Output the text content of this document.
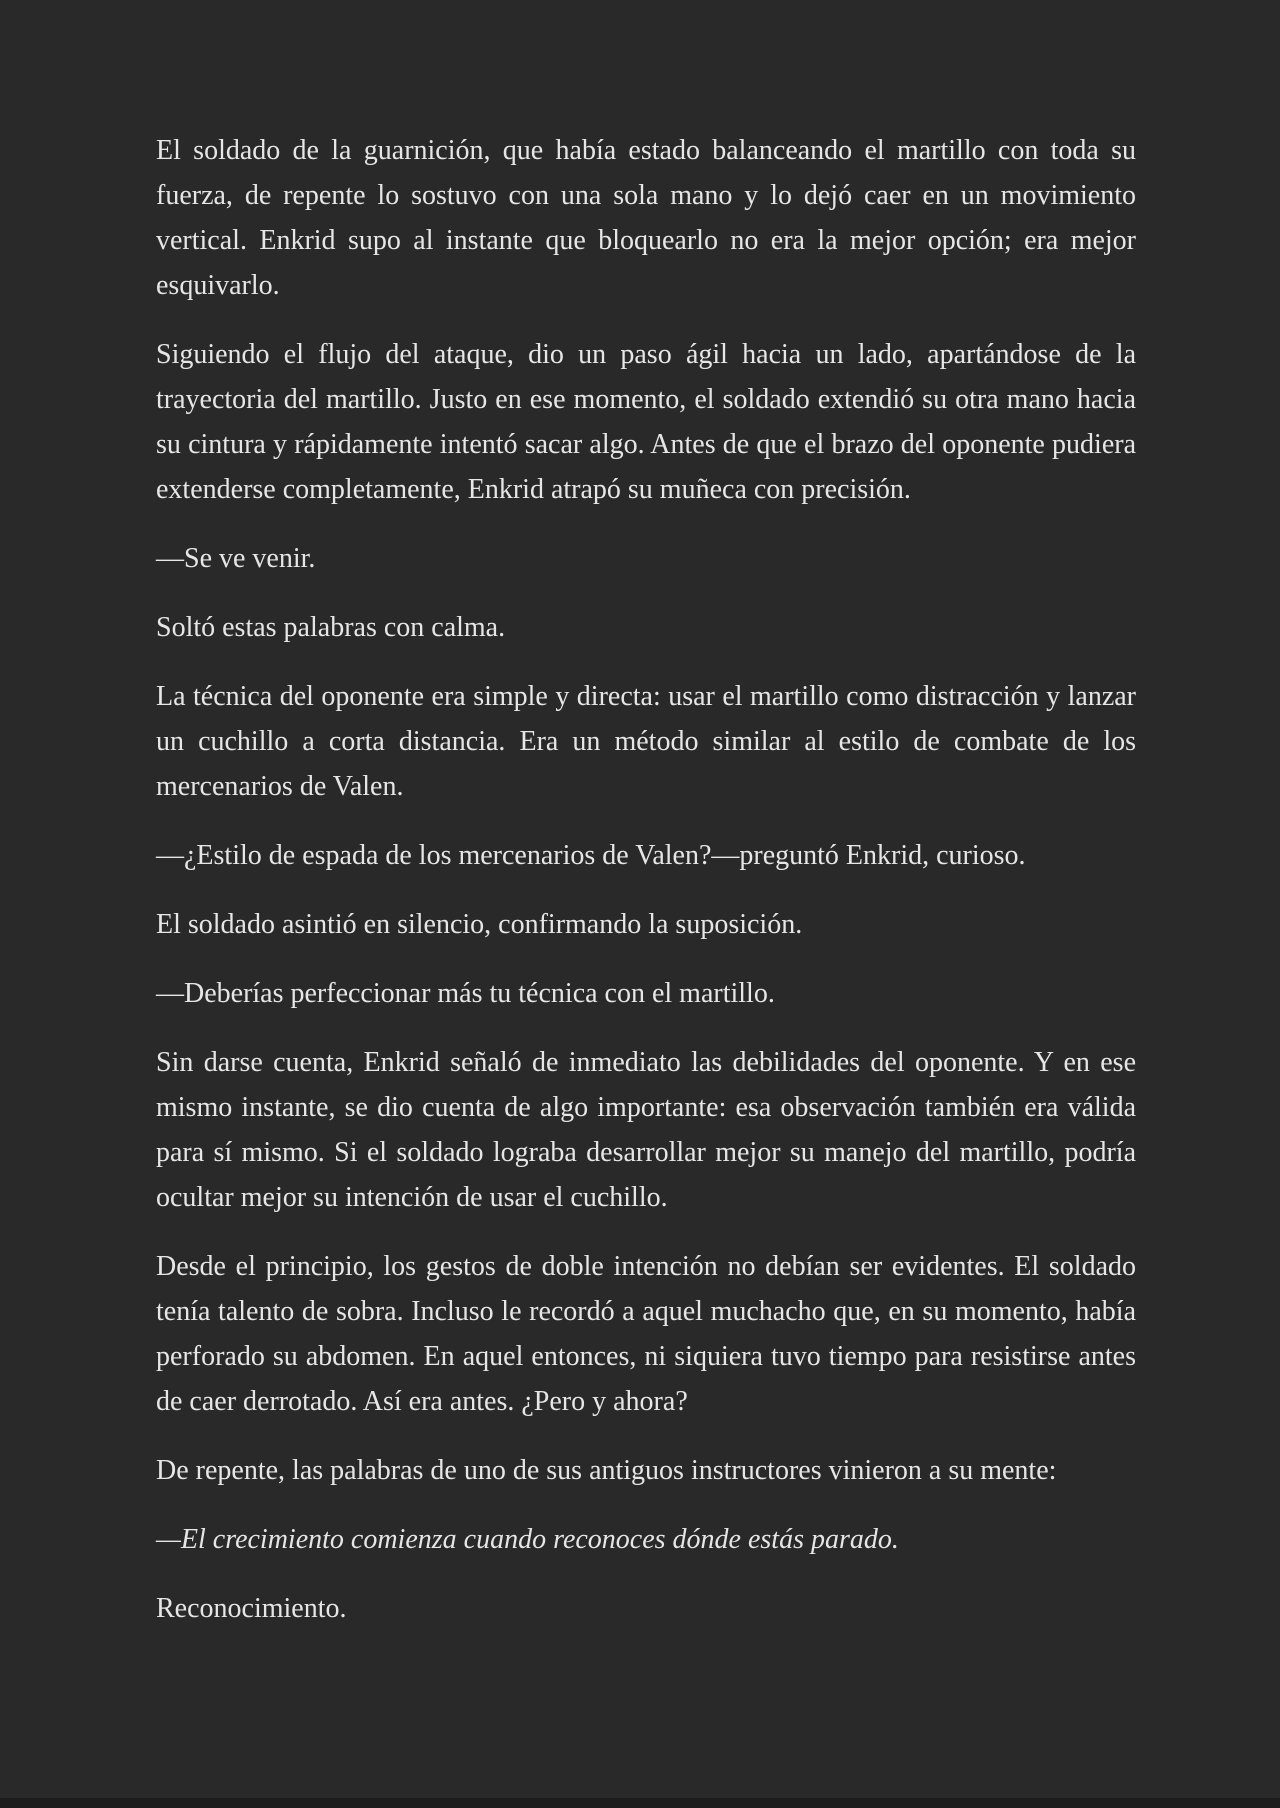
El soldado de la guarnición, que había estado balanceando el martillo con toda su fuerza, de repente lo sostuvo con una sola mano y lo dejó caer en un movimiento vertical. Enkrid supo al instante que bloquearlo no era la mejor opción; era mejor esquivarlo.

Siguiendo el flujo del ataque, dio un paso ágil hacia un lado, apartándose de la trayectoria del martillo. Justo en ese momento, el soldado extendió su otra mano hacia su cintura y rápidamente intentó sacar algo. Antes de que el brazo del oponente pudiera extenderse completamente, Enkrid atrapó su muñeca con precisión.

—Se ve venir.

Soltó estas palabras con calma.

La técnica del oponente era simple y directa: usar el martillo como distracción y lanzar un cuchillo a corta distancia. Era un método similar al estilo de combate de los mercenarios de Valen.

—¿Estilo de espada de los mercenarios de Valen?—preguntó Enkrid, curioso.

El soldado asintió en silencio, confirmando la suposición.

—Deberías perfeccionar más tu técnica con el martillo.

Sin darse cuenta, Enkrid señaló de inmediato las debilidades del oponente. Y en ese mismo instante, se dio cuenta de algo importante: esa observación también era válida para sí mismo. Si el soldado lograba desarrollar mejor su manejo del martillo, podría ocultar mejor su intención de usar el cuchillo.

Desde el principio, los gestos de doble intención no debían ser evidentes. El soldado tenía talento de sobra. Incluso le recordó a aquel muchacho que, en su momento, había perforado su abdomen. En aquel entonces, ni siquiera tuvo tiempo para resistirse antes de caer derrotado. Así era antes. ¿Pero y ahora?

De repente, las palabras de uno de sus antiguos instructores vinieron a su mente:

—El crecimiento comienza cuando reconoces dónde estás parado.

Reconocimiento.
